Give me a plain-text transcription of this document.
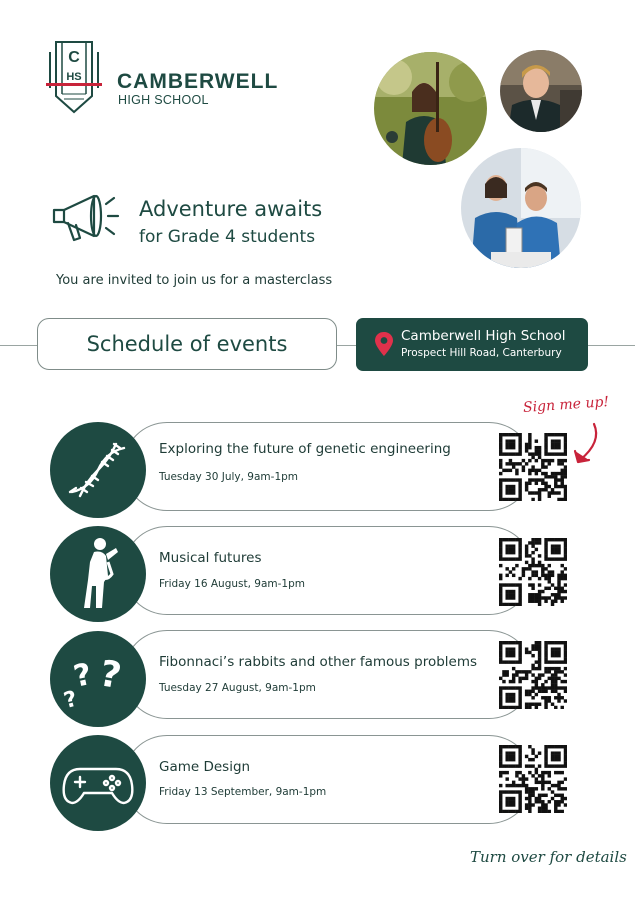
C
HS CAMBERWELL
HIGH SCHOOL
Adventure awaits
for Grade 4 students
You are invited to join us for a masterclass
Schedule of events	Camberwell High School
Prospect Hill Road, Canterbury
Sign me up!
Exploring the future of genetic engineering
Tuesday 30 July, 9am-1pm
Musical futures
Friday 16 August, 9am-1pm
? ?
?
Fibonnaci’s rabbits and other famous problems
Tuesday 27 August, 9am-1pm
Game Design
Friday 13 September, 9am-1pm
Turn over for details
